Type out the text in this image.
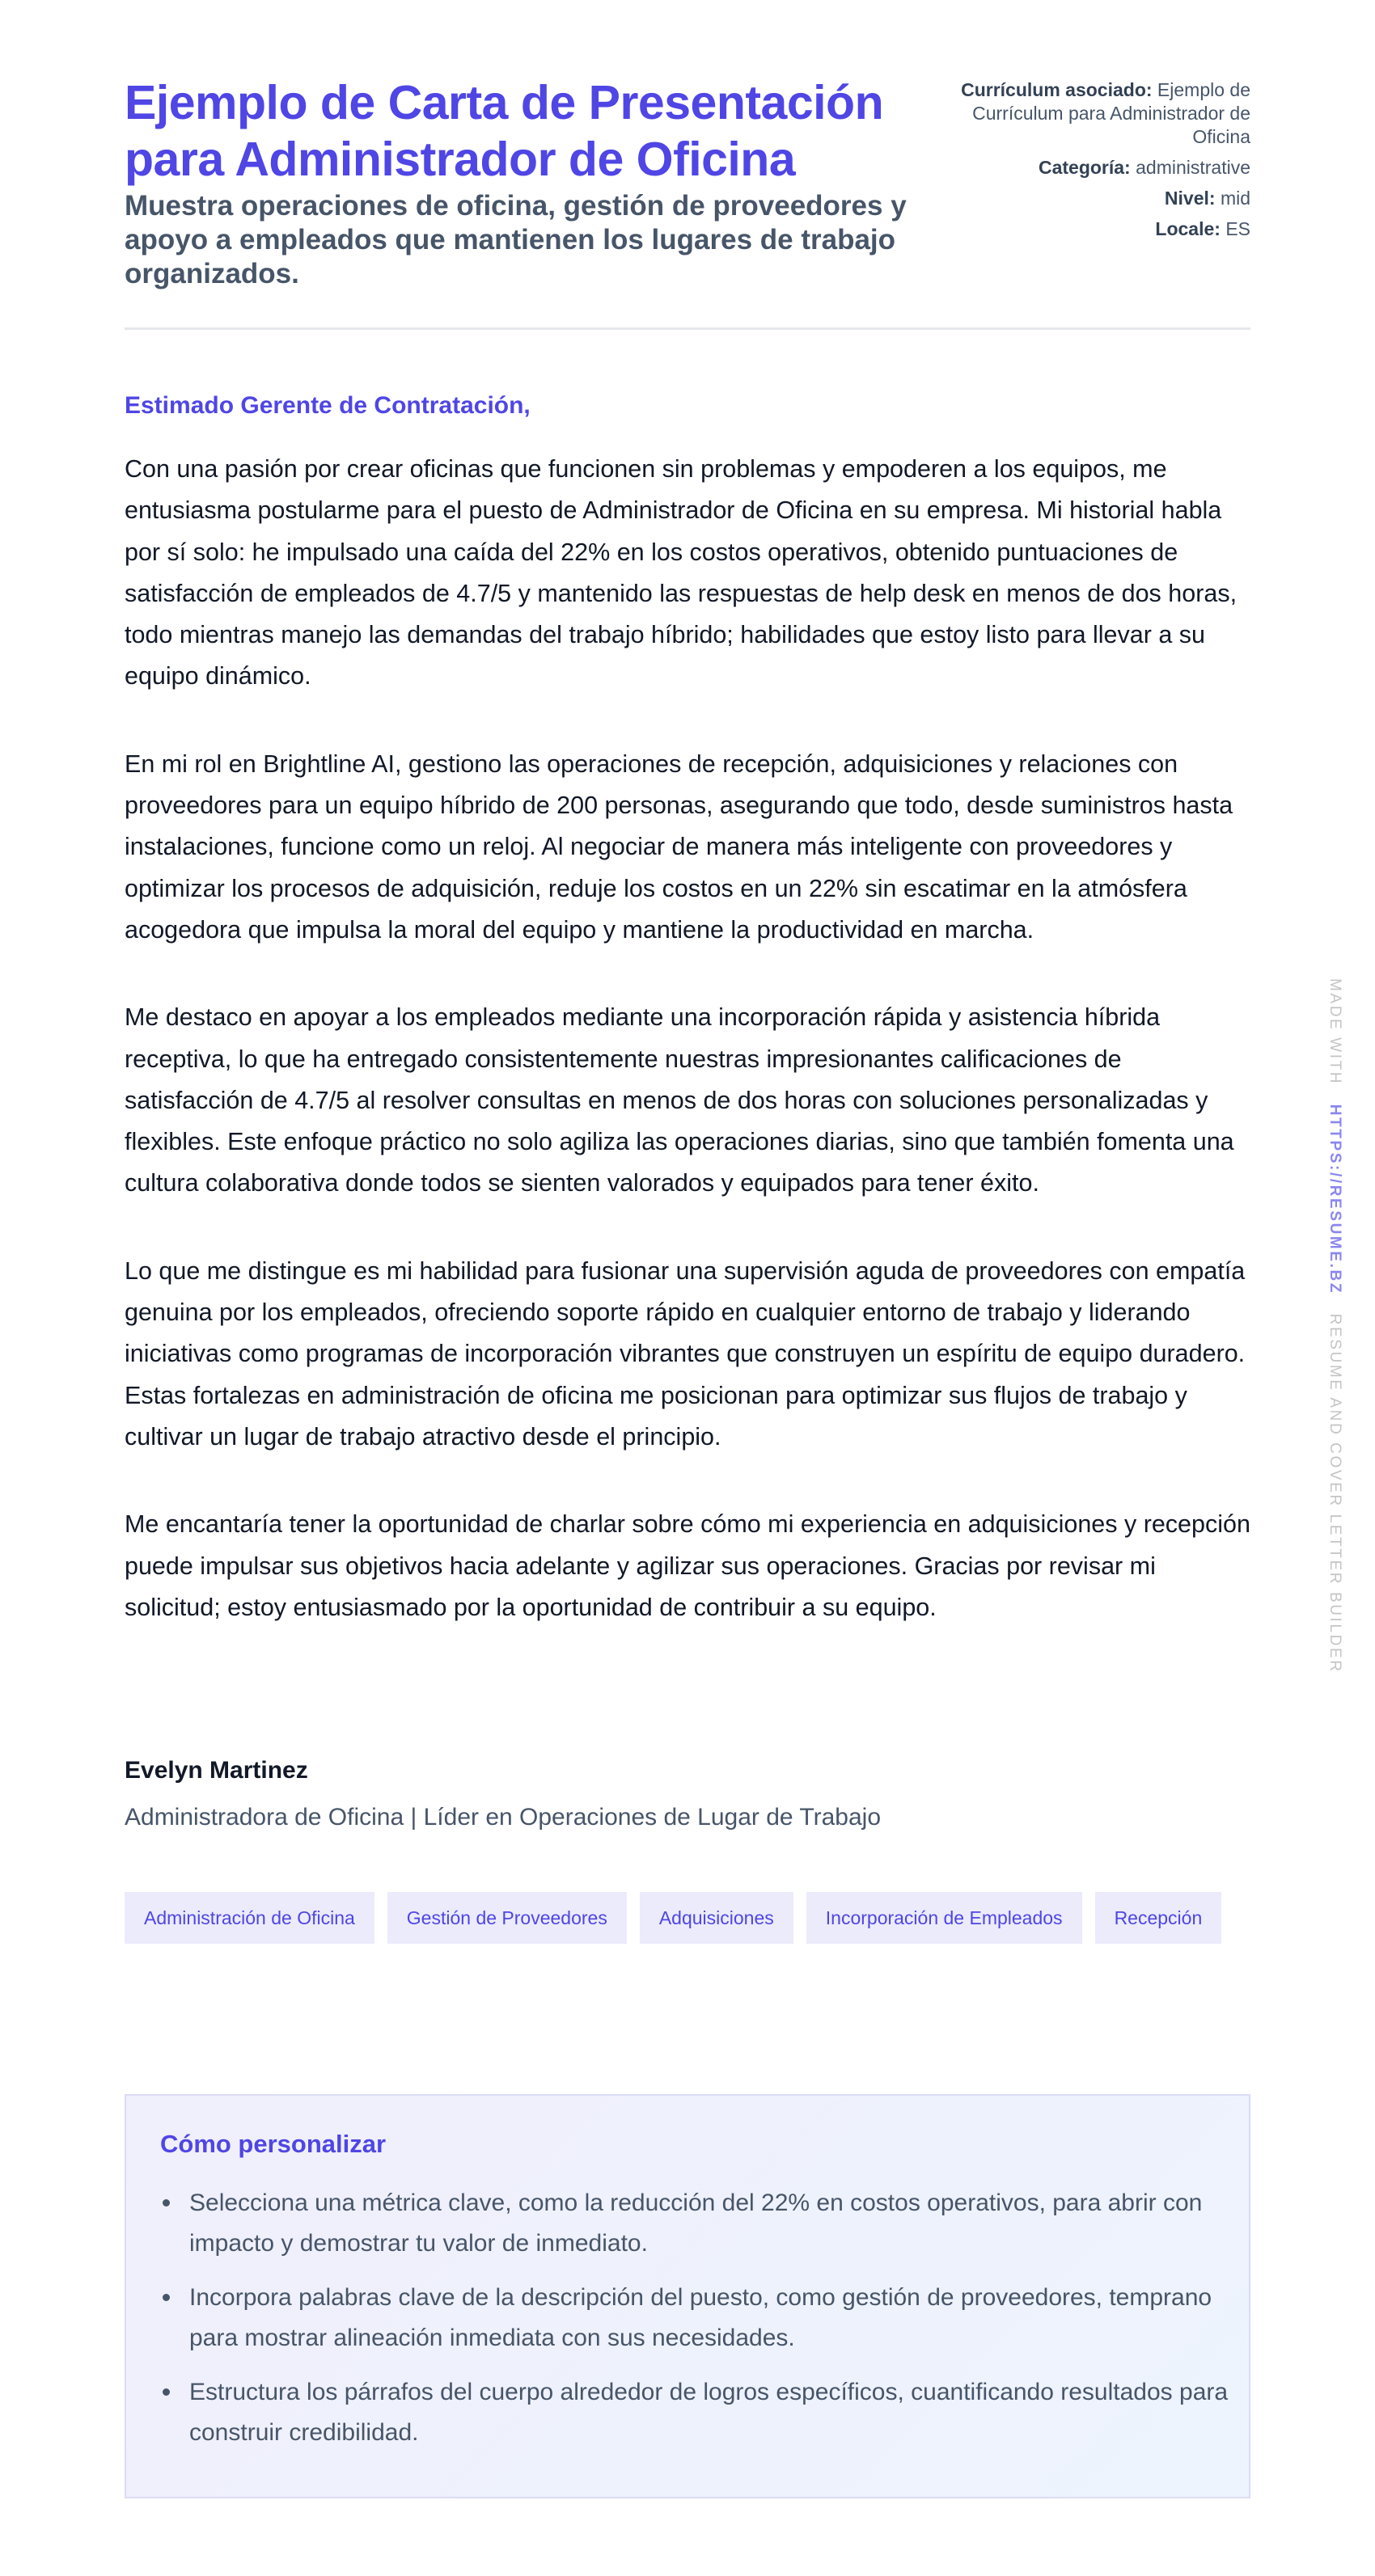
Ejemplo de Carta de Presentación para Administrador de Oficina
Muestra operaciones de oficina, gestión de proveedores y apoyo a empleados que mantienen los lugares de trabajo organizados.
Currículum asociado: Ejemplo de Currículum para Administrador de Oficina
Categoría: administrative
Nivel: mid
Locale: ES

Estimado Gerente de Contratación,

Con una pasión por crear oficinas que funcionen sin problemas y empoderen a los equipos, me entusiasma postularme para el puesto de Administrador de Oficina en su empresa. Mi historial habla por sí solo: he impulsado una caída del 22% en los costos operativos, obtenido puntuaciones de satisfacción de empleados de 4.7/5 y mantenido las respuestas de help desk en menos de dos horas, todo mientras manejo las demandas del trabajo híbrido; habilidades que estoy listo para llevar a su equipo dinámico.

En mi rol en Brightline AI, gestiono las operaciones de recepción, adquisiciones y relaciones con proveedores para un equipo híbrido de 200 personas, asegurando que todo, desde suministros hasta instalaciones, funcione como un reloj. Al negociar de manera más inteligente con proveedores y optimizar los procesos de adquisición, reduje los costos en un 22% sin escatimar en la atmósfera acogedora que impulsa la moral del equipo y mantiene la productividad en marcha.

Me destaco en apoyar a los empleados mediante una incorporación rápida y asistencia híbrida receptiva, lo que ha entregado consistentemente nuestras impresionantes calificaciones de satisfacción de 4.7/5 al resolver consultas en menos de dos horas con soluciones personalizadas y flexibles. Este enfoque práctico no solo agiliza las operaciones diarias, sino que también fomenta una cultura colaborativa donde todos se sienten valorados y equipados para tener éxito.

Lo que me distingue es mi habilidad para fusionar una supervisión aguda de proveedores con empatía genuina por los empleados, ofreciendo soporte rápido en cualquier entorno de trabajo y liderando iniciativas como programas de incorporación vibrantes que construyen un espíritu de equipo duradero. Estas fortalezas en administración de oficina me posicionan para optimizar sus flujos de trabajo y cultivar un lugar de trabajo atractivo desde el principio.

Me encantaría tener la oportunidad de charlar sobre cómo mi experiencia en adquisiciones y recepción puede impulsar sus objetivos hacia adelante y agilizar sus operaciones. Gracias por revisar mi solicitud; estoy entusiasmado por la oportunidad de contribuir a su equipo.

Evelyn Martinez

Administradora de Oficina | Líder en Operaciones de Lugar de Trabajo

Administración de Oficina	Gestión de Proveedores	Adquisiciones	Incorporación de Empleados	Recepción
Cómo personalizar
Selecciona una métrica clave, como la reducción del 22% en costos operativos, para abrir con impacto y demostrar tu valor de inmediato.
Incorpora palabras clave de la descripción del puesto, como gestión de proveedores, temprano para mostrar alineación inmediata con sus necesidades.
Estructura los párrafos del cuerpo alrededor de logros específicos, cuantificando resultados para construir credibilidad.
MADE WITH   HTTPS://RESUME.BZ   RESUME AND COVER LETTER BUILDER
